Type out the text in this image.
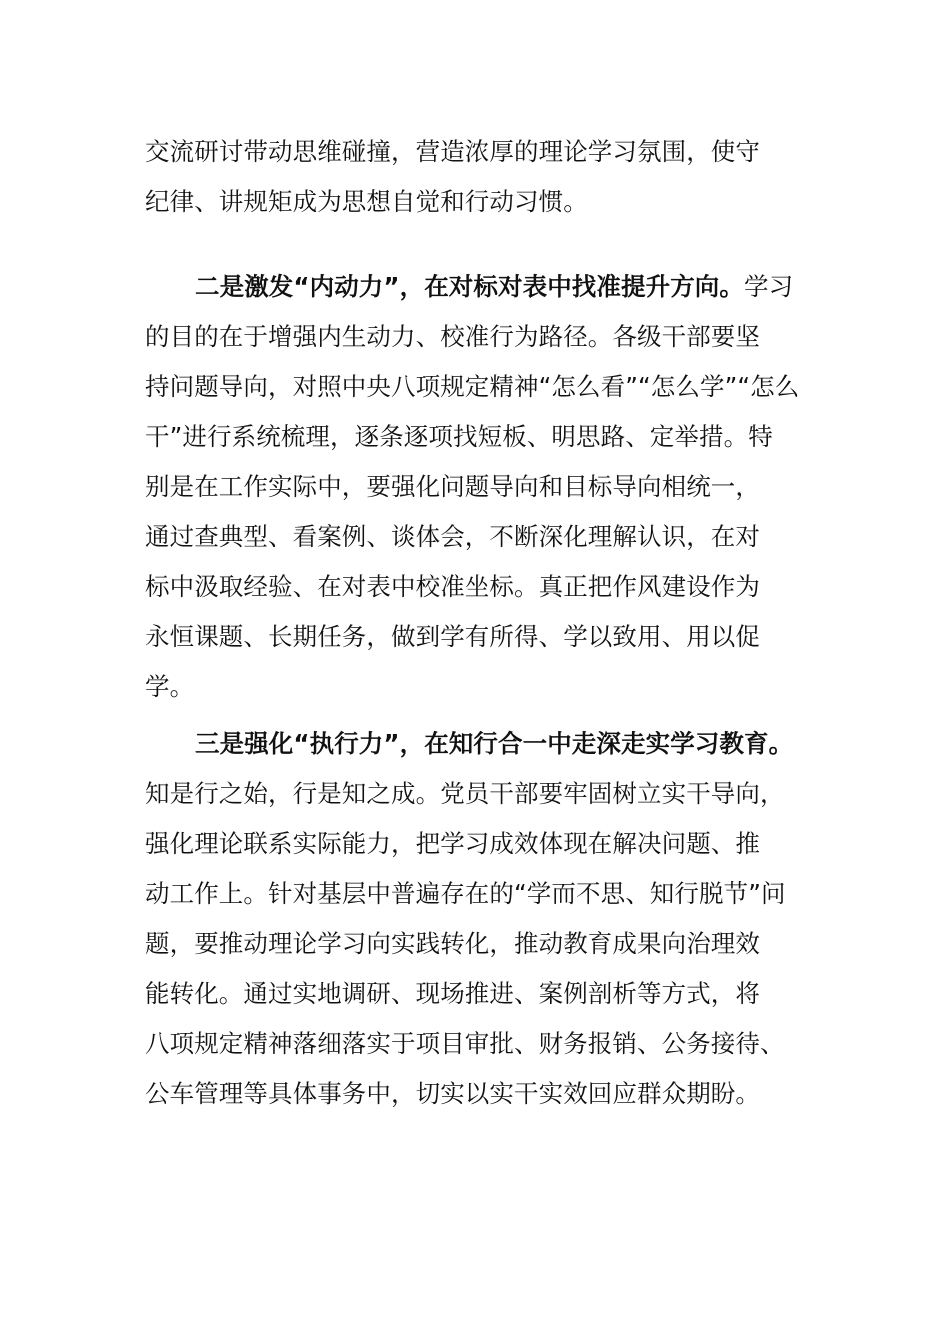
交流研讨带动思维碰撞，营造浓厚的理论学习氛围，使守
纪律、讲规矩成为思想自觉和行动习惯。
二是激发“内动力”，在对标对表中找准提升方向。学习
的目的在于增强内生动力、校准行为路径。各级干部要坚
持问题导向，对照中央八项规定精神“怎么看”“怎么学”“怎么
干”进行系统梳理，逐条逐项找短板、明思路、定举措。特
别是在工作实际中，要强化问题导向和目标导向相统一，
通过查典型、看案例、谈体会，不断深化理解认识，在对
标中汲取经验、在对表中校准坐标。真正把作风建设作为
永恒课题、长期任务，做到学有所得、学以致用、用以促
学。
三是强化“执行力”，在知行合一中走深走实学习教育。
知是行之始，行是知之成。党员干部要牢固树立实干导向，
强化理论联系实际能力，把学习成效体现在解决问题、推
动工作上。针对基层中普遍存在的“学而不思、知行脱节”问
题，要推动理论学习向实践转化，推动教育成果向治理效
能转化。通过实地调研、现场推进、案例剖析等方式，将
八项规定精神落细落实于项目审批、财务报销、公务接待、
公车管理等具体事务中，切实以实干实效回应群众期盼。
